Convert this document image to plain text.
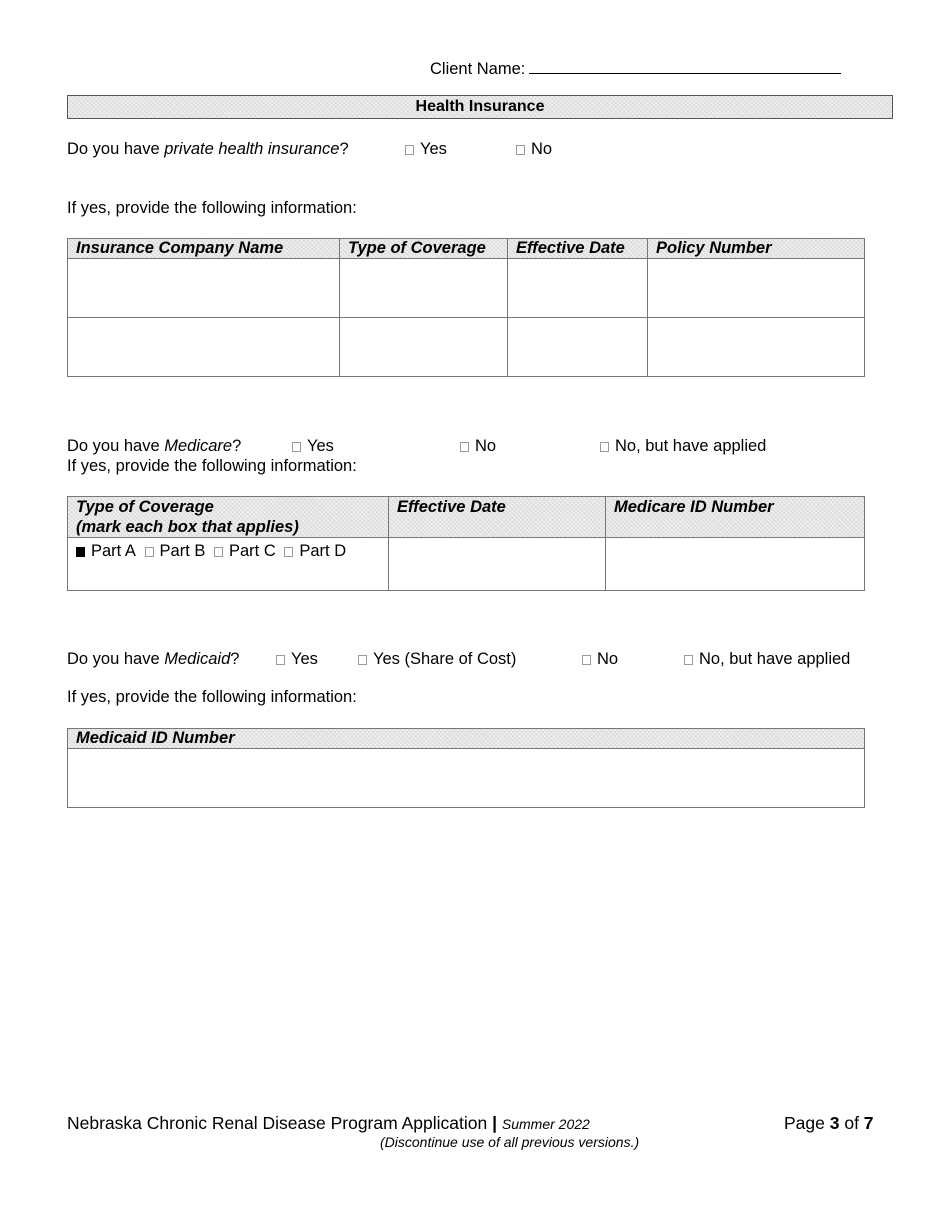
Client Name:
Health Insurance
Do you have private health insurance?	Yes	No
If yes, provide the following information:
Insurance Company Name	Type of Coverage	Effective Date	Policy Number

Do you have Medicare?	Yes	No	No, but have applied
If yes, provide the following information:
Type of Coverage
(mark each box that applies)	Effective Date	Medicare ID Number
Part A Part B Part C Part D		
Do you have Medicaid?	Yes	Yes (Share of Cost)	No	No, but have applied
If yes, provide the following information:
Medicaid ID Number

Nebraska Chronic Renal Disease Program Application | Summer 2022
(Discontinue use of all previous versions.)
Page 3 of 7
